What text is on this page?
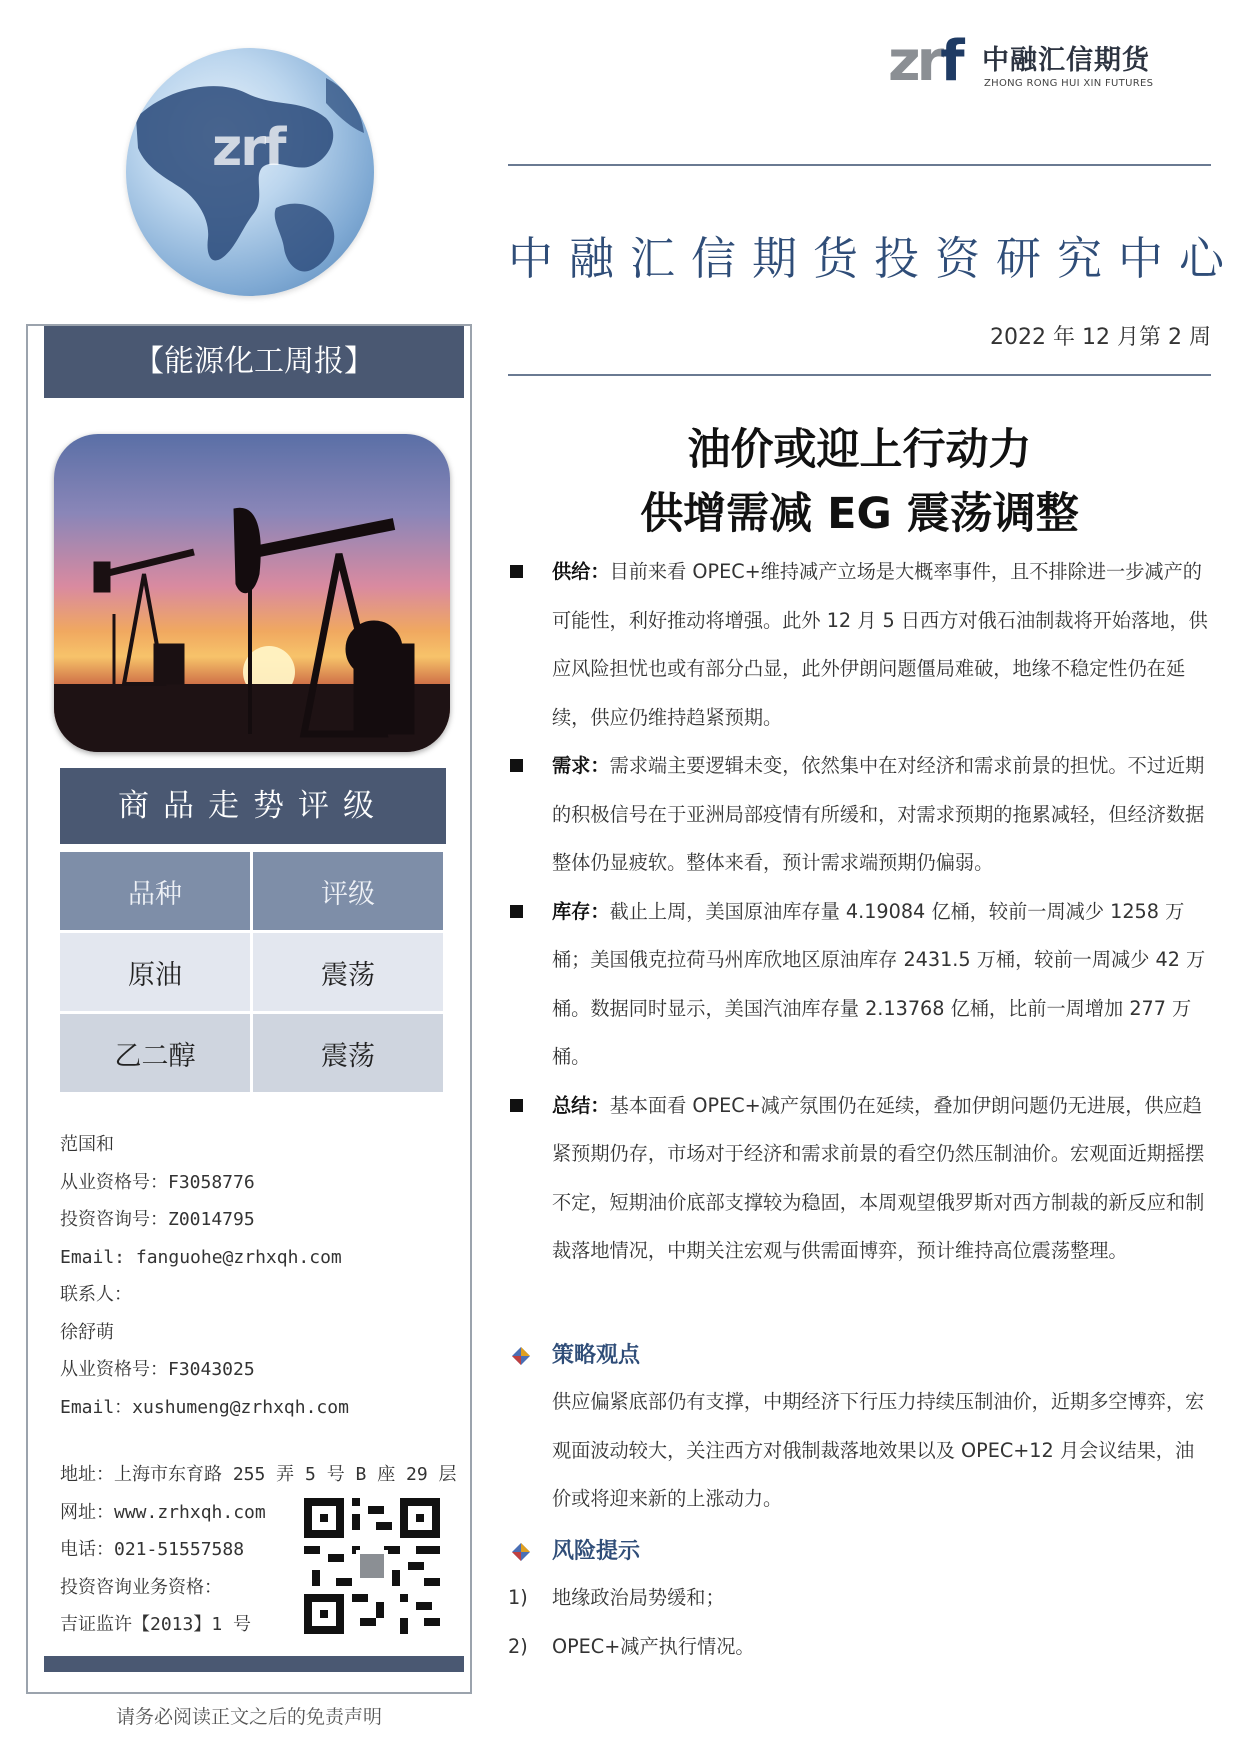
zrf
zrf 中融汇信期货
ZHONG RONG HUI XIN FUTURES
中融汇信期货投资研究中心
2022 年 12 月第 2 周
【能源化工周报】
商品走势评级
品种	评级
原油	震荡
乙二醇	震荡
范国和
从业资格号：F3058776
投资咨询号：Z0014795
Email: fanguohe@zrhxqh.com
联系人：
徐舒萌
从业资格号：F3043025
Email：xushumeng@zrhxqh.com
地址：上海市东育路 255 弄 5 号 B 座 29 层
网址：www.zrhxqh.com
电话：021-51557588
投资咨询业务资格：
吉证监许【2013】1 号
请务必阅读正文之后的免责声明
油价或迎上行动力
供增需减 EG 震荡调整
供给：目前来看 OPEC+维持减产立场是大概率事件，且不排除进一步减产的可能性，利好推动将增强。此外 12 月 5 日西方对俄石油制裁将开始落地，供应风险担忧也或有部分凸显，此外伊朗问题僵局难破，地缘不稳定性仍在延续，供应仍维持趋紧预期。
需求：需求端主要逻辑未变，依然集中在对经济和需求前景的担忧。不过近期的积极信号在于亚洲局部疫情有所缓和，对需求预期的拖累减轻，但经济数据整体仍显疲软。整体来看，预计需求端预期仍偏弱。
库存：截止上周，美国原油库存量 4.19084 亿桶，较前一周减少 1258 万桶；美国俄克拉荷马州库欣地区原油库存 2431.5 万桶，较前一周减少 42 万桶。数据同时显示，美国汽油库存量 2.13768 亿桶，比前一周增加 277 万桶。
总结：基本面看 OPEC+减产氛围仍在延续，叠加伊朗问题仍无进展，供应趋紧预期仍存，市场对于经济和需求前景的看空仍然压制油价。宏观面近期摇摆不定，短期油价底部支撑较为稳固，本周观望俄罗斯对西方制裁的新反应和制裁落地情况，中期关注宏观与供需面博弈，预计维持高位震荡整理。
策略观点
供应偏紧底部仍有支撑，中期经济下行压力持续压制油价，近期多空博弈，宏观面波动较大，关注西方对俄制裁落地效果以及 OPEC+12 月会议结果，油价或将迎来新的上涨动力。
风险提示
1) 地缘政治局势缓和；
2) OPEC+减产执行情况。
